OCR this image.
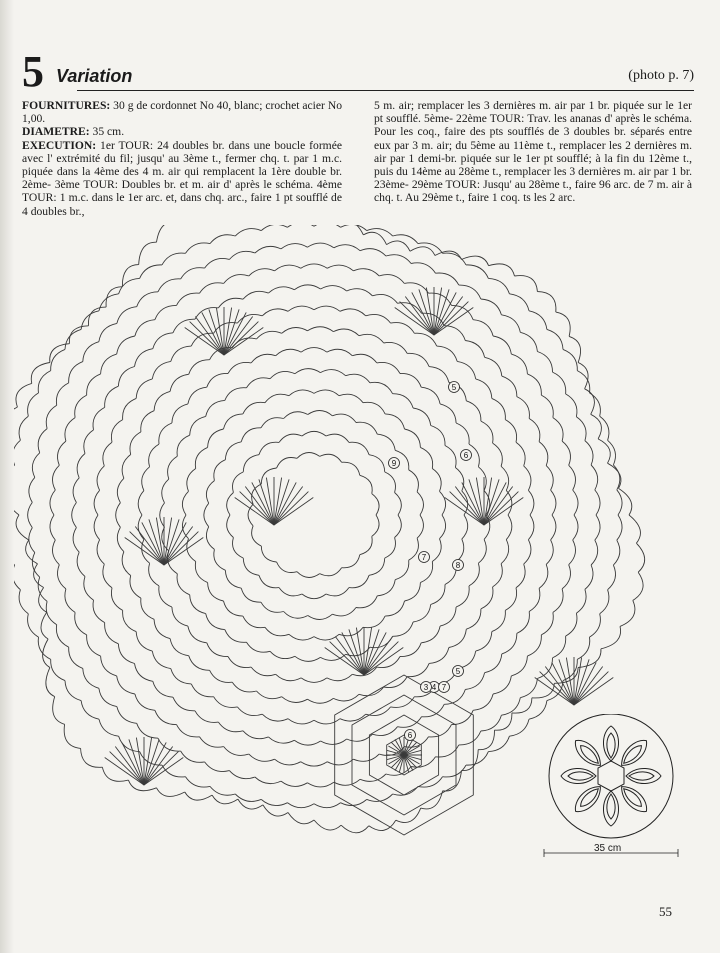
5 Variation	(photo p. 7)
FOURNITURES: 30 g de cordonnet No 40, blanc; crochet acier No 1,00.
DIAMETRE: 35 cm.
EXECUTION: 1er TOUR: 24 doubles br. dans une boucle formée avec l' extrémité du fil; jusqu' au 3ème t., fermer chq. t. par 1 m.c. piquée dans la 4ème des 4 m. air qui remplacent la 1ère double br. 2ème- 3ème TOUR: Doubles br. et m. air d' après le schéma. 4ème TOUR: 1 m.c. dans le 1er arc. et, dans chq. arc., faire 1 pt soufflé de 4 doubles br.,
5 m. air; remplacer les 3 dernières m. air par 1 br. piquée sur le 1er pt soufflé. 5ème- 22ème TOUR: Trav. les ananas d' après le schéma. Pour les coq., faire des pts soufflés de 3 doubles br. séparés entre eux par 3 m. air; du 5ème au 11ème t., remplacer les 2 dernières m. air par 1 demi-br. piquée sur le 1er pt soufflé; à la fin du 12ème t., puis du 14ème au 28ème t., remplacer les 3 dernières m. air par 1 br. 23ème- 29ème TOUR: Jusqu' au 28ème t., faire 96 arc. de 7 m. air à chq. t. Au 29ème t., faire 1 coq. ts les 2 arc.
5
6
7
8
9
4
3
5
6
7
35 cm
55
